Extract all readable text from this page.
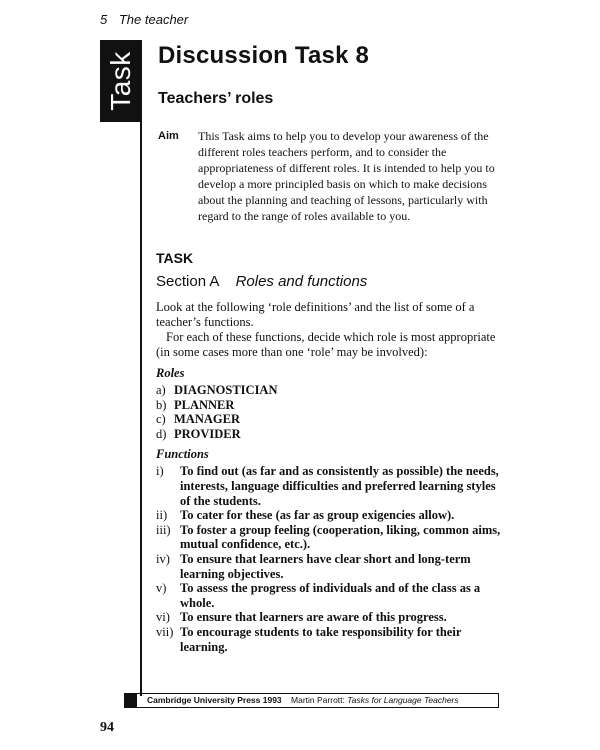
5 The teacher
Task Discussion Task 8
Teachers’ roles
Aim This Task aims to help you to develop your awareness of the different roles teachers perform, and to consider the appropriateness of different roles. It is intended to help you to develop a more principled basis on which to make decisions about the planning and teaching of lessons, particularly with regard to the range of roles available to you.
TASK
Section A Roles and functions

Look at the following ‘role definitions’ and the list of some of a teacher’s functions.

For each of these functions, decide which role is most appropriate (in some cases more than one ‘role’ may be involved):

Roles
a) DIAGNOSTICIAN
b) PLANNER
c) MANAGER
d) PROVIDER
Functions
i)	To find out (as far and as consistently as possible) the needs, interests, language difficulties and preferred learning styles of the students.
ii)	To cater for these (as far as group exigencies allow).
iii) To foster a group feeling (cooperation, liking, common aims, mutual confidence, etc.).
iv) To ensure that learners have clear short and long-term learning objectives.
v)	To assess the progress of individuals and of the class as a whole.
vi) To ensure that learners are aware of this progress.
vii) To encourage students to take responsibility for their learning.
Cambridge University Press 1993 Martin Parrott: Tasks for Language Teachers
94
